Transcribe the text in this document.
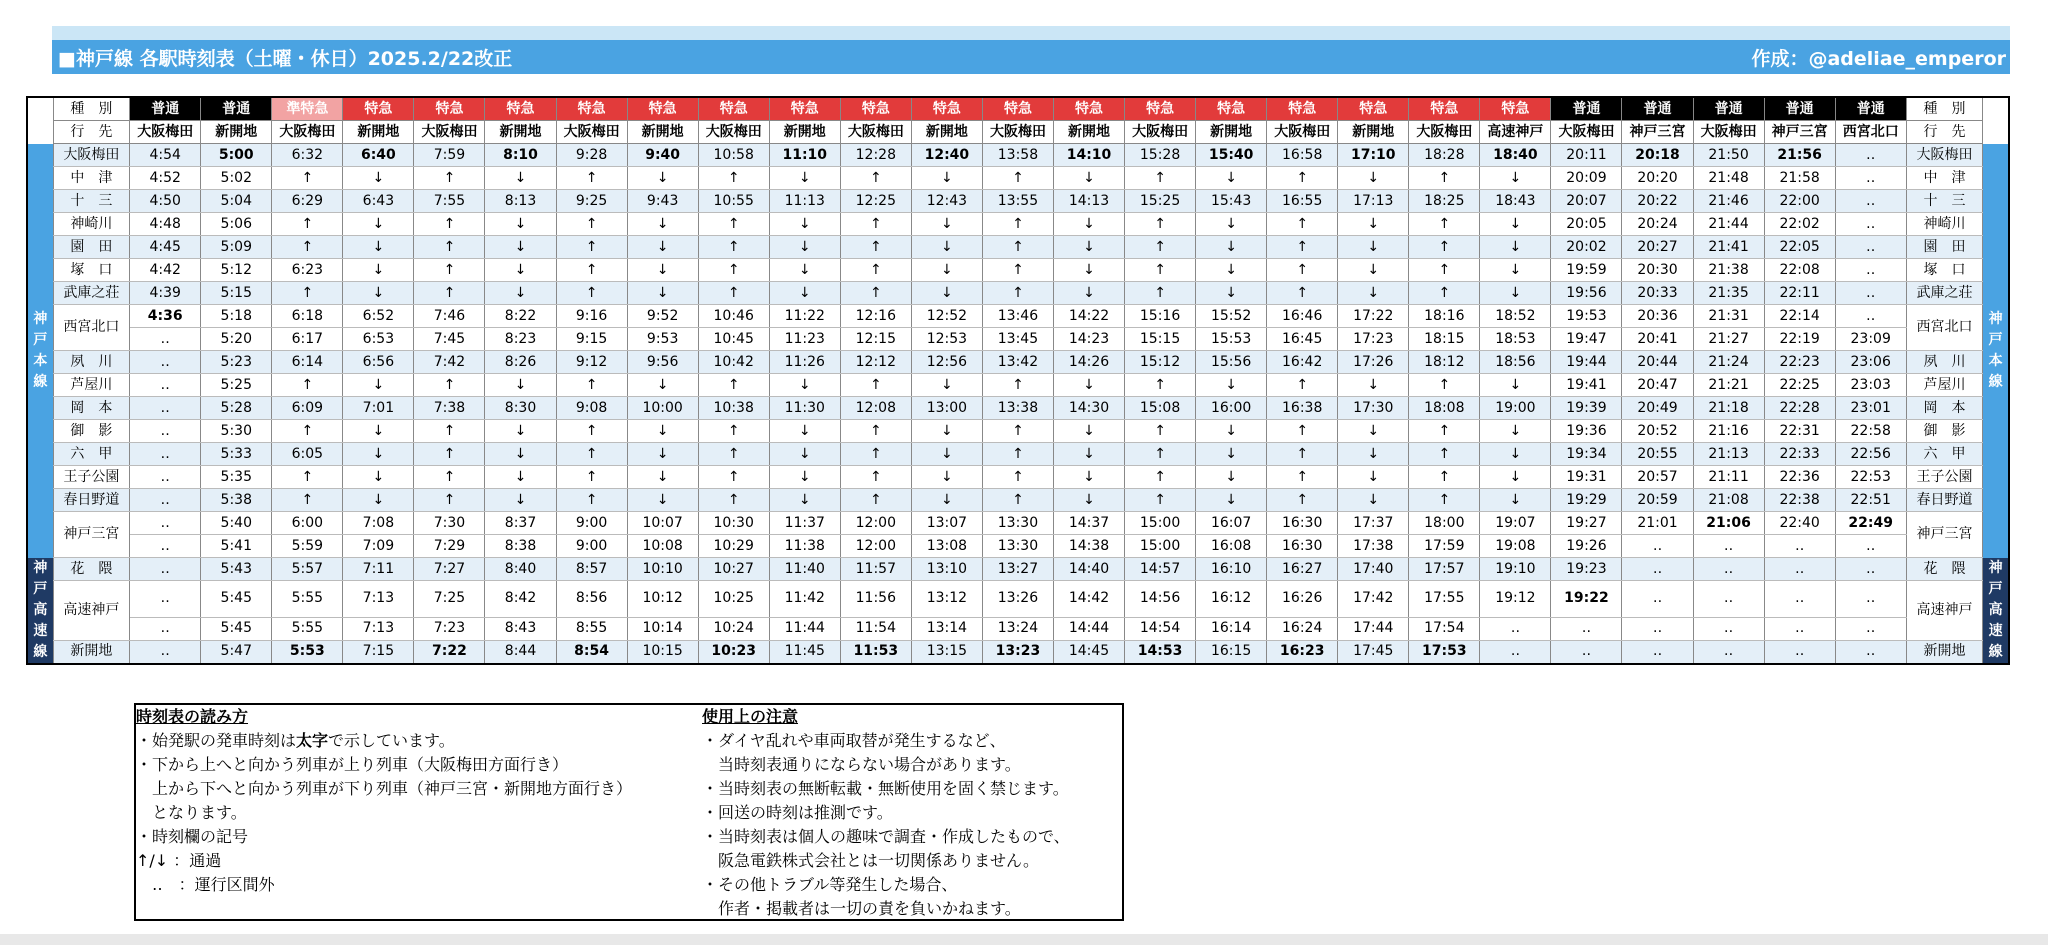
■神戸線 各駅時刻表（土曜・休日）2025.2/22改正	作成：@adeliae_emperor
	種　別	普通	普通	準特急	特急	特急	特急	特急	特急	特急	特急	特急	特急	特急	特急	特急	特急	特急	特急	特急	特急	普通	普通	普通	普通	普通	種　別	
	行　先	大阪梅田	新開地	大阪梅田	新開地	大阪梅田	新開地	大阪梅田	新開地	大阪梅田	新開地	大阪梅田	新開地	大阪梅田	新開地	大阪梅田	新開地	大阪梅田	新開地	大阪梅田	高速神戸	大阪梅田	神戸三宮	大阪梅田	神戸三宮	西宮北口	行　先	
神戸本線	大阪梅田	4:54	5:00	6:32	6:40	7:59	8:10	9:28	9:40	10:58	11:10	12:28	12:40	13:58	14:10	15:28	15:40	16:58	17:10	18:28	18:40	20:11	20:18	21:50	21:56	‥	大阪梅田	神戸本線
	中　津	4:52	5:02	↑	↓	↑	↓	↑	↓	↑	↓	↑	↓	↑	↓	↑	↓	↑	↓	↑	↓	20:09	20:20	21:48	21:58	‥	中　津	
	十　三	4:50	5:04	6:29	6:43	7:55	8:13	9:25	9:43	10:55	11:13	12:25	12:43	13:55	14:13	15:25	15:43	16:55	17:13	18:25	18:43	20:07	20:22	21:46	22:00	‥	十　三	
	神崎川	4:48	5:06	↑	↓	↑	↓	↑	↓	↑	↓	↑	↓	↑	↓	↑	↓	↑	↓	↑	↓	20:05	20:24	21:44	22:02	‥	神崎川	
	園　田	4:45	5:09	↑	↓	↑	↓	↑	↓	↑	↓	↑	↓	↑	↓	↑	↓	↑	↓	↑	↓	20:02	20:27	21:41	22:05	‥	園　田	
	塚　口	4:42	5:12	6:23	↓	↑	↓	↑	↓	↑	↓	↑	↓	↑	↓	↑	↓	↑	↓	↑	↓	19:59	20:30	21:38	22:08	‥	塚　口	
	武庫之荘	4:39	5:15	↑	↓	↑	↓	↑	↓	↑	↓	↑	↓	↑	↓	↑	↓	↑	↓	↑	↓	19:56	20:33	21:35	22:11	‥	武庫之荘	
	西宮北口	4:36	5:18	6:18	6:52	7:46	8:22	9:16	9:52	10:46	11:22	12:16	12:52	13:46	14:22	15:16	15:52	16:46	17:22	18:16	18:52	19:53	20:36	21:31	22:14	‥	西宮北口	
		‥	5:20	6:17	6:53	7:45	8:23	9:15	9:53	10:45	11:23	12:15	12:53	13:45	14:23	15:15	15:53	16:45	17:23	18:15	18:53	19:47	20:41	21:27	22:19	23:09		
	夙　川	‥	5:23	6:14	6:56	7:42	8:26	9:12	9:56	10:42	11:26	12:12	12:56	13:42	14:26	15:12	15:56	16:42	17:26	18:12	18:56	19:44	20:44	21:24	22:23	23:06	夙　川	
	芦屋川	‥	5:25	↑	↓	↑	↓	↑	↓	↑	↓	↑	↓	↑	↓	↑	↓	↑	↓	↑	↓	19:41	20:47	21:21	22:25	23:03	芦屋川	
	岡　本	‥	5:28	6:09	7:01	7:38	8:30	9:08	10:00	10:38	11:30	12:08	13:00	13:38	14:30	15:08	16:00	16:38	17:30	18:08	19:00	19:39	20:49	21:18	22:28	23:01	岡　本	
	御　影	‥	5:30	↑	↓	↑	↓	↑	↓	↑	↓	↑	↓	↑	↓	↑	↓	↑	↓	↑	↓	19:36	20:52	21:16	22:31	22:58	御　影	
	六　甲	‥	5:33	6:05	↓	↑	↓	↑	↓	↑	↓	↑	↓	↑	↓	↑	↓	↑	↓	↑	↓	19:34	20:55	21:13	22:33	22:56	六　甲	
	王子公園	‥	5:35	↑	↓	↑	↓	↑	↓	↑	↓	↑	↓	↑	↓	↑	↓	↑	↓	↑	↓	19:31	20:57	21:11	22:36	22:53	王子公園	
	春日野道	‥	5:38	↑	↓	↑	↓	↑	↓	↑	↓	↑	↓	↑	↓	↑	↓	↑	↓	↑	↓	19:29	20:59	21:08	22:38	22:51	春日野道	
	神戸三宮	‥	5:40	6:00	7:08	7:30	8:37	9:00	10:07	10:30	11:37	12:00	13:07	13:30	14:37	15:00	16:07	16:30	17:37	18:00	19:07	19:27	21:01	21:06	22:40	22:49	神戸三宮	
		‥	5:41	5:59	7:09	7:29	8:38	9:00	10:08	10:29	11:38	12:00	13:08	13:30	14:38	15:00	16:08	16:30	17:38	17:59	19:08	19:26	‥	‥	‥	‥		
神戸高速線	花　隈	‥	5:43	5:57	7:11	7:27	8:40	8:57	10:10	10:27	11:40	11:57	13:10	13:27	14:40	14:57	16:10	16:27	17:40	17:57	19:10	19:23	‥	‥	‥	‥	花　隈	神戸高速線
	高速神戸	‥	5:45	5:55	7:13	7:25	8:42	8:56	10:12	10:25	11:42	11:56	13:12	13:26	14:42	14:56	16:12	16:26	17:42	17:55	19:12	19:22	‥	‥	‥	‥	高速神戸	
		‥	5:45	5:55	7:13	7:23	8:43	8:55	10:14	10:24	11:44	11:54	13:14	13:24	14:44	14:54	16:14	16:24	17:44	17:54	‥	‥	‥	‥	‥	‥		
	新開地	‥	5:47	5:53	7:15	7:22	8:44	8:54	10:15	10:23	11:45	11:53	13:15	13:23	14:45	14:53	16:15	16:23	17:45	17:53	‥	‥	‥	‥	‥	‥	新開地	
時刻表の読み方
・始発駅の発車時刻は太字で示しています。
・下から上へと向かう列車が上り列車（大阪梅田方面行き）
　上から下へと向かう列車が下り列車（神戸三宮・新開地方面行き）
　となります。
・時刻欄の記号
↑/↓ ：通過
　‥　：運行区間外
使用上の注意
・ダイヤ乱れや車両取替が発生するなど、
　当時刻表通りにならない場合があります。
・当時刻表の無断転載・無断使用を固く禁じます。
・回送の時刻は推測です。
・当時刻表は個人の趣味で調査・作成したもので、
　阪急電鉄株式会社とは一切関係ありません。
・その他トラブル等発生した場合、
　作者・掲載者は一切の責を負いかねます。
